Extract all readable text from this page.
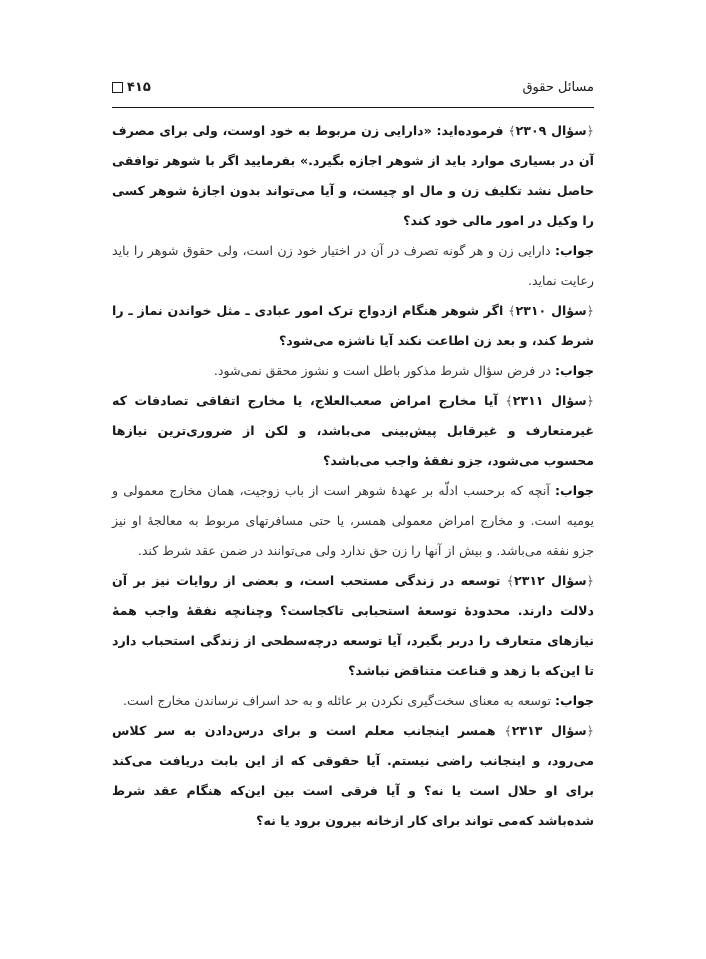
مسائل حقوق
۴۱۵

﴿سؤال ۲۳۰۹﴾ فرموده‌اید: «دارایی زن مربوط به خود اوست، ولی برای مصرف آن در بسیاری موارد باید از شوهر اجازه بگیرد.» بفرمایید اگر با شوهر توافقی حاصل نشد تکلیف زن و مال او چیست، و آیا می‌تواند بدون اجازهٔ شوهر کسی را وکیل در امور مالی خود کند؟

جواب: دارایی زن و هر گونه تصرف در آن در اختیار خود زن است، ولی حقوق شوهر را باید رعایت نماید.

﴿سؤال ۲۳۱۰﴾ اگر شوهر هنگام ازدواج ترک امور عبادی ـ مثل خواندن نماز ـ را شرط کند، و بعد زن اطاعت نکند آیا ناشزه می‌شود؟

جواب: در فرض سؤال شرط مذکور باطل است و نشوز محقق نمی‌شود.

﴿سؤال ۲۳۱۱﴾ آیا مخارج امراض صعب‌العلاج، یا مخارج اتفاقی تصادفات که غیرمتعارف و غیرقابل پیش‌بینی می‌باشد، و لکن از ضروری‌ترین نیازها محسوب می‌شود، جزو نفقهٔ واجب می‌باشد؟

جواب: آنچه که برحسب ادلّه بر عهدهٔ شوهر است از باب زوجیت، همان مخارج معمولی و یومیه است. و مخارج امراض معمولی همسر، یا حتی مسافرتهای مربوط به معالجهٔ او نیز جزو نفقه می‌باشد. و بیش از آنها را زن حق ندارد ولی می‌توانند در ضمن عقد شرط کند.

﴿سؤال ۲۳۱۲﴾ توسعه در زندگی مستحب است، و بعضی از روایات نیز بر آن دلالت دارند. محدودهٔ توسعهٔ استحبابی تاکجاست؟ وچنانچه نفقهٔ واجب همهٔ نیازهای متعارف را دربر بگیرد، آیا توسعه درچه‌سطحی از زندگی استحباب دارد تا این‌که با زهد و قناعت متناقض نباشد؟

جواب: توسعه به معنای سخت‌گیری نکردن بر عائله و به حد اسراف نرساندن مخارج است.

﴿سؤال ۲۳۱۳﴾ همسر اینجانب معلم است و برای درس‌دادن به سر کلاس می‌رود، و اینجانب راضی نیستم. آیا حقوقی که از این بابت دریافت می‌کند برای او حلال است یا نه؟ و آیا فرقی است بین این‌که هنگام عقد شرط شده‌باشد که‌می تواند برای کار ازخانه بیرون برود یا نه؟
